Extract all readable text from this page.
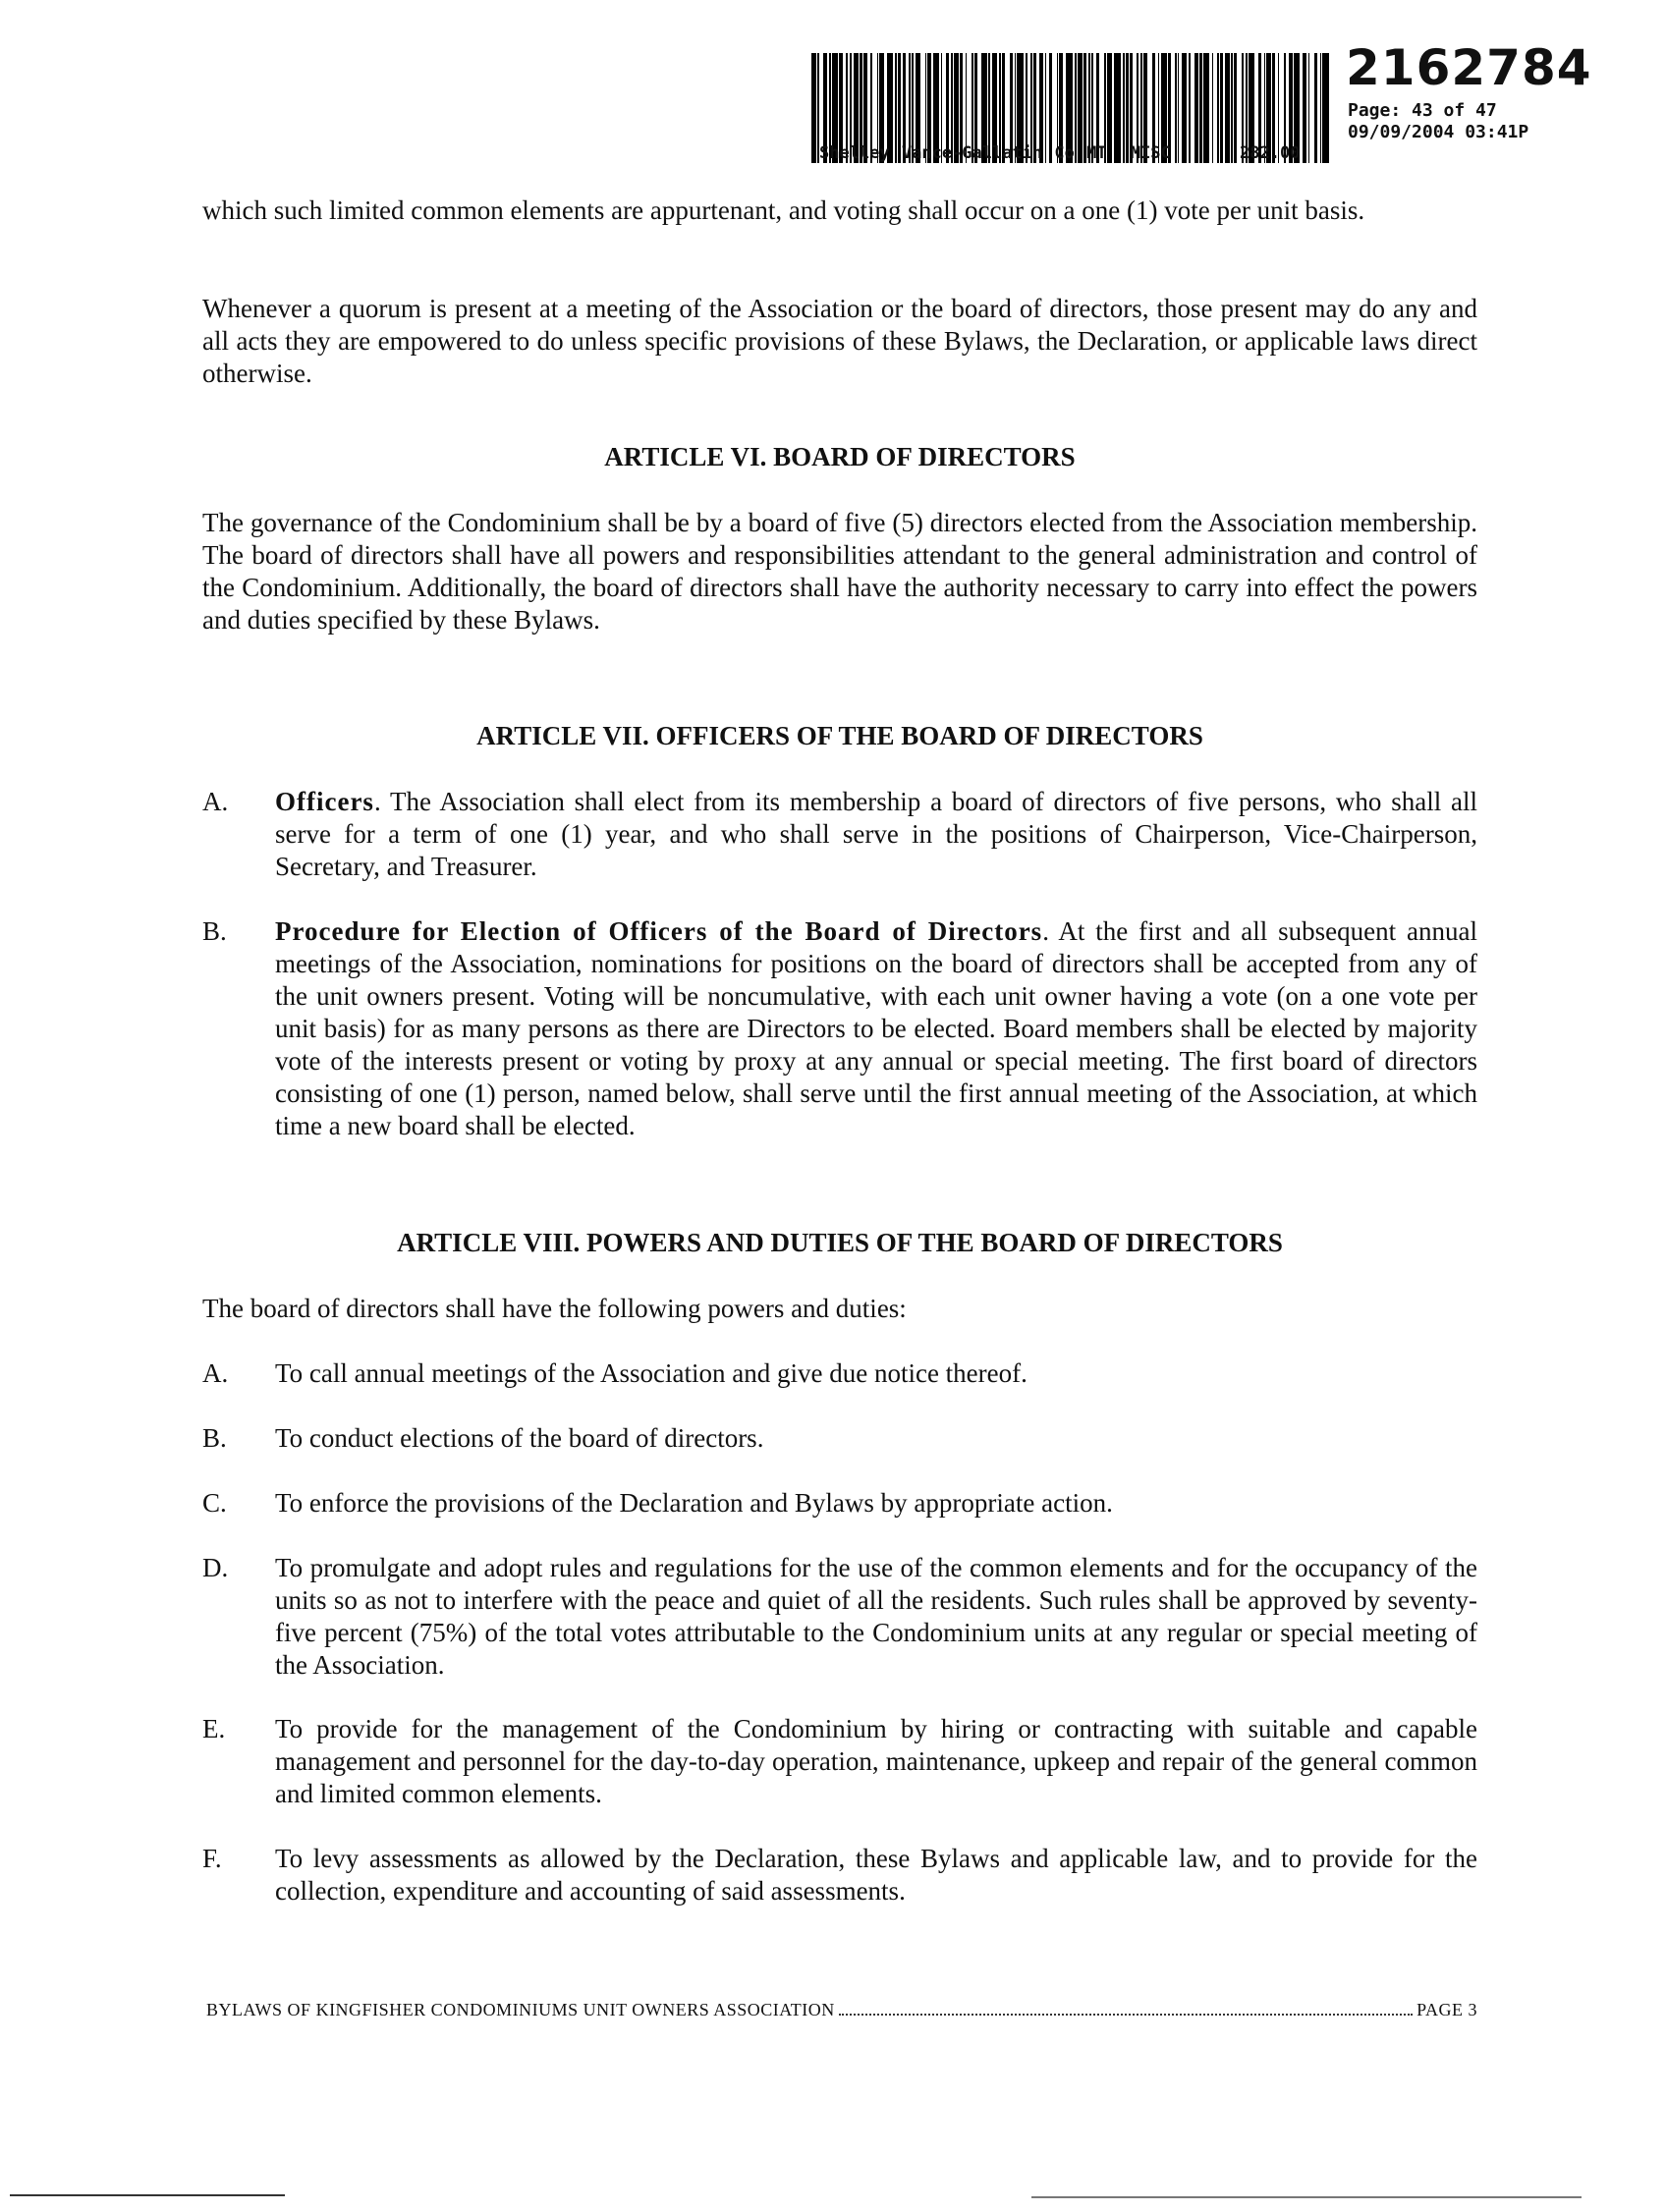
2162784
Page: 43 of 47
09/09/2004 03:41P
Shelley Vance-Gallatin Co MT MISC	282.00

which such limited common elements are appurtenant, and voting shall occur on a one (1) vote per unit basis.

Whenever a quorum is present at a meeting of the Association or the board of directors, those present may do any and all acts they are empowered to do unless specific provisions of these Bylaws, the Declaration, or applicable laws direct otherwise.

ARTICLE VI. BOARD OF DIRECTORS

The governance of the Condominium shall be by a board of five (5) directors elected from the Association membership. The board of directors shall have all powers and responsibilities attendant to the general administration and control of the Condominium. Additionally, the board of directors shall have the authority necessary to carry into effect the powers and duties specified by these Bylaws.

ARTICLE VII. OFFICERS OF THE BOARD OF DIRECTORS
A. Officers. The Association shall elect from its membership a board of directors of five persons, who shall all serve for a term of one (1) year, and who shall serve in the positions of Chairperson, Vice-Chairperson, Secretary, and Treasurer.
B. Procedure for Election of Officers of the Board of Directors. At the first and all subsequent annual meetings of the Association, nominations for positions on the board of directors shall be accepted from any of the unit owners present. Voting will be noncumulative, with each unit owner having a vote (on a one vote per unit basis) for as many persons as there are Directors to be elected. Board members shall be elected by majority vote of the interests present or voting by proxy at any annual or special meeting. The first board of directors consisting of one (1) person, named below, shall serve until the first annual meeting of the Association, at which time a new board shall be elected.
ARTICLE VIII. POWERS AND DUTIES OF THE BOARD OF DIRECTORS

The board of directors shall have the following powers and duties:

A. To call annual meetings of the Association and give due notice thereof.
B. To conduct elections of the board of directors.
C. To enforce the provisions of the Declaration and Bylaws by appropriate action.
D. To promulgate and adopt rules and regulations for the use of the common elements and for the occupancy of the units so as not to interfere with the peace and quiet of all the residents. Such rules shall be approved by seventy-five percent (75%) of the total votes attributable to the Condominium units at any regular or special meeting of the Association.
E. To provide for the management of the Condominium by hiring or contracting with suitable and capable management and personnel for the day-to-day operation, maintenance, upkeep and repair of the general common and limited common elements.
F. To levy assessments as allowed by the Declaration, these Bylaws and applicable law, and to provide for the collection, expenditure and accounting of said assessments.
BYLAWS OF KINGFISHER CONDOMINIUMS UNIT OWNERS ASSOCIATION	PAGE 3
